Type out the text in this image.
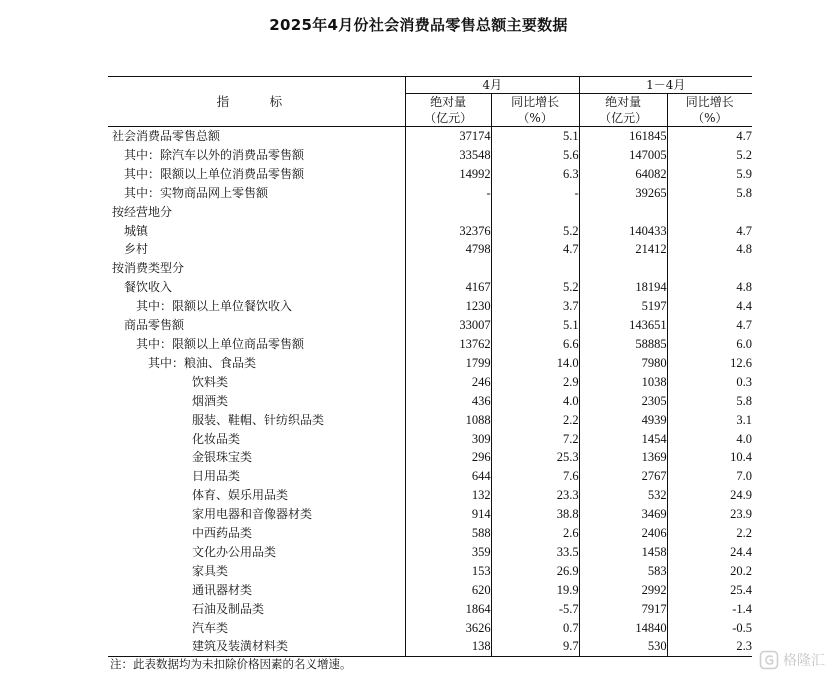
2025年4月份社会消费品零售总额主要数据
指　标	4月		1－4月	
	绝对量	同比增长	绝对量	同比增长
	（亿元）	（%）	（亿元）	（%）
社会消费品零售总额	37174	5.1	161845	4.7
其中：除汽车以外的消费品零售额	33548	5.6	147005	5.2
其中：限额以上单位消费品零售额	14992	6.3	64082	5.9
其中：实物商品网上零售额	-	-	39265	5.8
按经营地分				
城镇	32376	5.2	140433	4.7
乡村	4798	4.7	21412	4.8
按消费类型分				
餐饮收入	4167	5.2	18194	4.8
其中：限额以上单位餐饮收入	1230	3.7	5197	4.4
商品零售额	33007	5.1	143651	4.7
其中：限额以上单位商品零售额	13762	6.6	58885	6.0
其中：粮油、食品类	1799	14.0	7980	12.6
饮料类	246	2.9	1038	0.3
烟酒类	436	4.0	2305	5.8
服装、鞋帽、针纺织品类	1088	2.2	4939	3.1
化妆品类	309	7.2	1454	4.0
金银珠宝类	296	25.3	1369	10.4
日用品类	644	7.6	2767	7.0
体育、娱乐用品类	132	23.3	532	24.9
家用电器和音像器材类	914	38.8	3469	23.9
中西药品类	588	2.6	2406	2.2
文化办公用品类	359	33.5	1458	24.4
家具类	153	26.9	583	20.2
通讯器材类	620	19.9	2992	25.4
石油及制品类	1864	-5.7	7917	-1.4
汽车类	3626	0.7	14840	-0.5
建筑及装潢材料类	138	9.7	530	2.3
注：此表数据均为未扣除价格因素的名义增速。	格隆汇
